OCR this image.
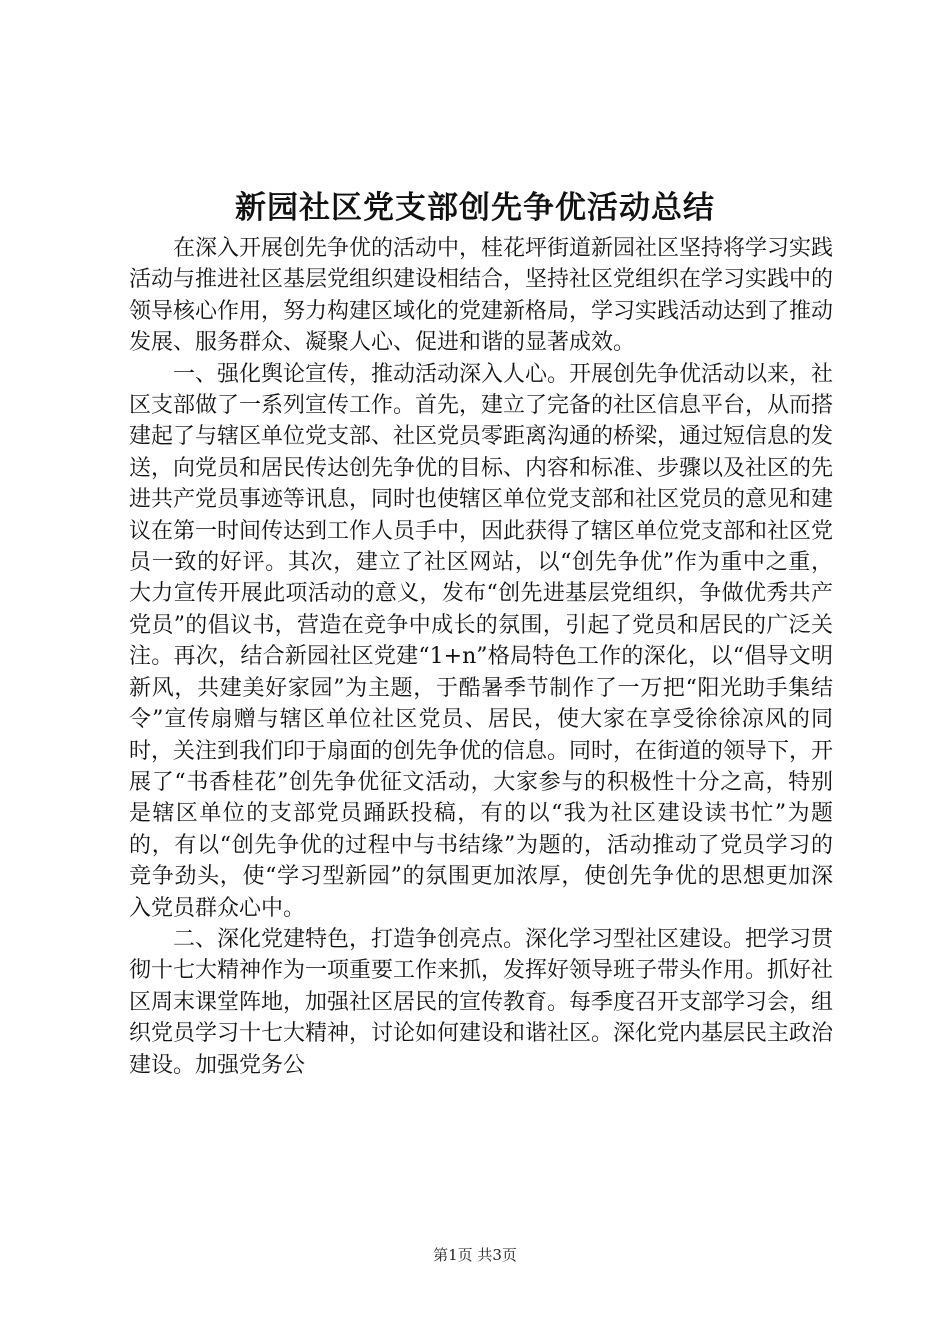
新园社区党支部创先争优活动总结

在深入开展创先争优的活动中，桂花坪街道新园社区坚持将学习实践活动与推进社区基层党组织建设相结合，坚持社区党组织在学习实践中的领导核心作用，努力构建区域化的党建新格局，学习实践活动达到了推动发展、服务群众、凝聚人心、促进和谐的显著成效。

一、强化舆论宣传，推动活动深入人心。开展创先争优活动以来，社区支部做了一系列宣传工作。首先，建立了完备的社区信息平台，从而搭建起了与辖区单位党支部、社区党员零距离沟通的桥梁，通过短信息的发送，向党员和居民传达创先争优的目标、内容和标准、步骤以及社区的先进共产党员事迹等讯息，同时也使辖区单位党支部和社区党员的意见和建议在第一时间传达到工作人员手中，因此获得了辖区单位党支部和社区党员一致的好评。其次，建立了社区网站，以“创先争优”作为重中之重，大力宣传开展此项活动的意义，发布“创先进基层党组织，争做优秀共产党员”的倡议书，营造在竞争中成长的氛围，引起了党员和居民的广泛关注。再次，结合新园社区党建“1+n”格局特色工作的深化，以“倡导文明新风，共建美好家园”为主题，于酷暑季节制作了一万把“阳光助手集结令”宣传扇赠与辖区单位社区党员、居民，使大家在享受徐徐凉风的同时，关注到我们印于扇面的创先争优的信息。同时，在街道的领导下，开展了“书香桂花”创先争优征文活动，大家参与的积极性十分之高，特别是辖区单位的支部党员踊跃投稿，有的以“我为社区建设读书忙”为题的，有以“创先争优的过程中与书结缘”为题的，活动推动了党员学习的竞争劲头，使“学习型新园”的氛围更加浓厚，使创先争优的思想更加深入党员群众心中。

二、深化党建特色，打造争创亮点。深化学习型社区建设。把学习贯彻十七大精神作为一项重要工作来抓，发挥好领导班子带头作用。抓好社区周末课堂阵地，加强社区居民的宣传教育。每季度召开支部学习会，组织党员学习十七大精神，讨论如何建设和谐社区。深化党内基层民主政治建设。加强党务公

第1页 共3页
